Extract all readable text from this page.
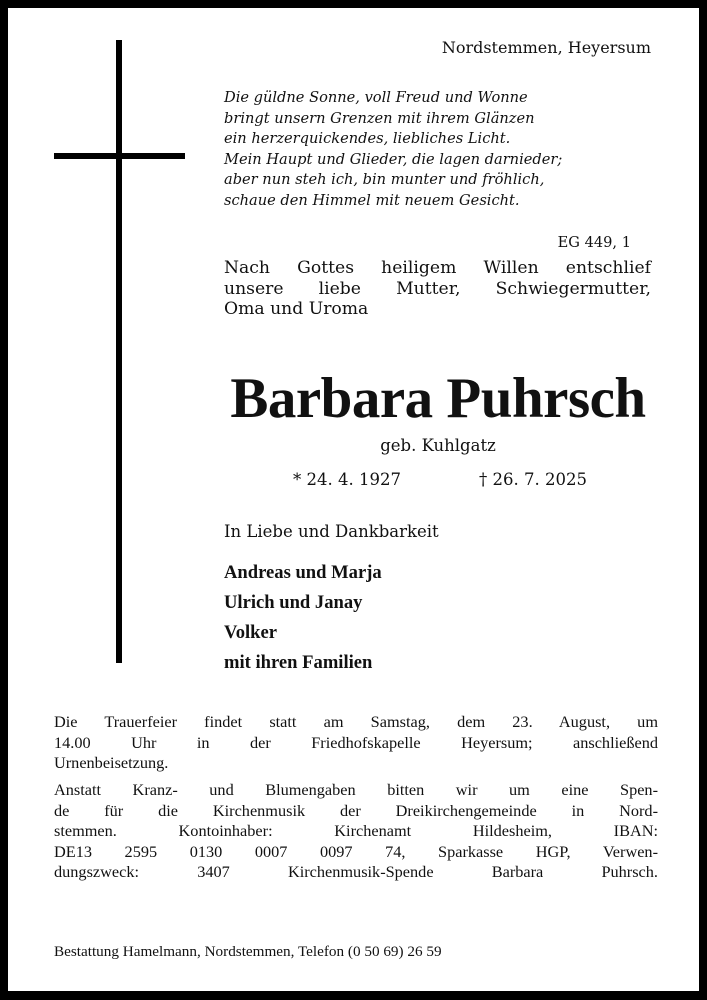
Nordstemmen, Heyersum
Die güldne Sonne, voll Freud und Wonne
bringt unsern Grenzen mit ihrem Glänzen
ein herzerquickendes, liebliches Licht.
Mein Haupt und Glieder, die lagen darnieder;
aber nun steh ich, bin munter und fröhlich,
schaue den Himmel mit neuem Gesicht.
EG 449, 1
Nach Gottes heiligem Willen entschlief
unsere liebe Mutter, Schwiegermutter,
Oma und Uroma
Barbara Puhrsch
geb. Kuhlgatz
* 24. 4. 1927	† 26. 7. 2025
In Liebe und Dankbarkeit
Andreas und Marja
Ulrich und Janay
Volker
mit ihren Familien
Die Trauerfeier findet statt am Samstag, dem 23. August, um
14.00 Uhr in der Friedhofskapelle Heyersum; anschließend
Urnenbeisetzung.
Anstatt Kranz- und Blumengaben bitten wir um eine Spen-
de für die Kirchenmusik der Dreikirchengemeinde in Nord-
stemmen. Kontoinhaber: Kirchenamt Hildesheim, IBAN:
DE13 2595 0130 0007 0097 74, Sparkasse HGP, Verwen-
dungszweck: 3407 Kirchenmusik-Spende Barbara Puhrsch.
Bestattung Hamelmann, Nordstemmen, Telefon (0 50 69) 26 59
